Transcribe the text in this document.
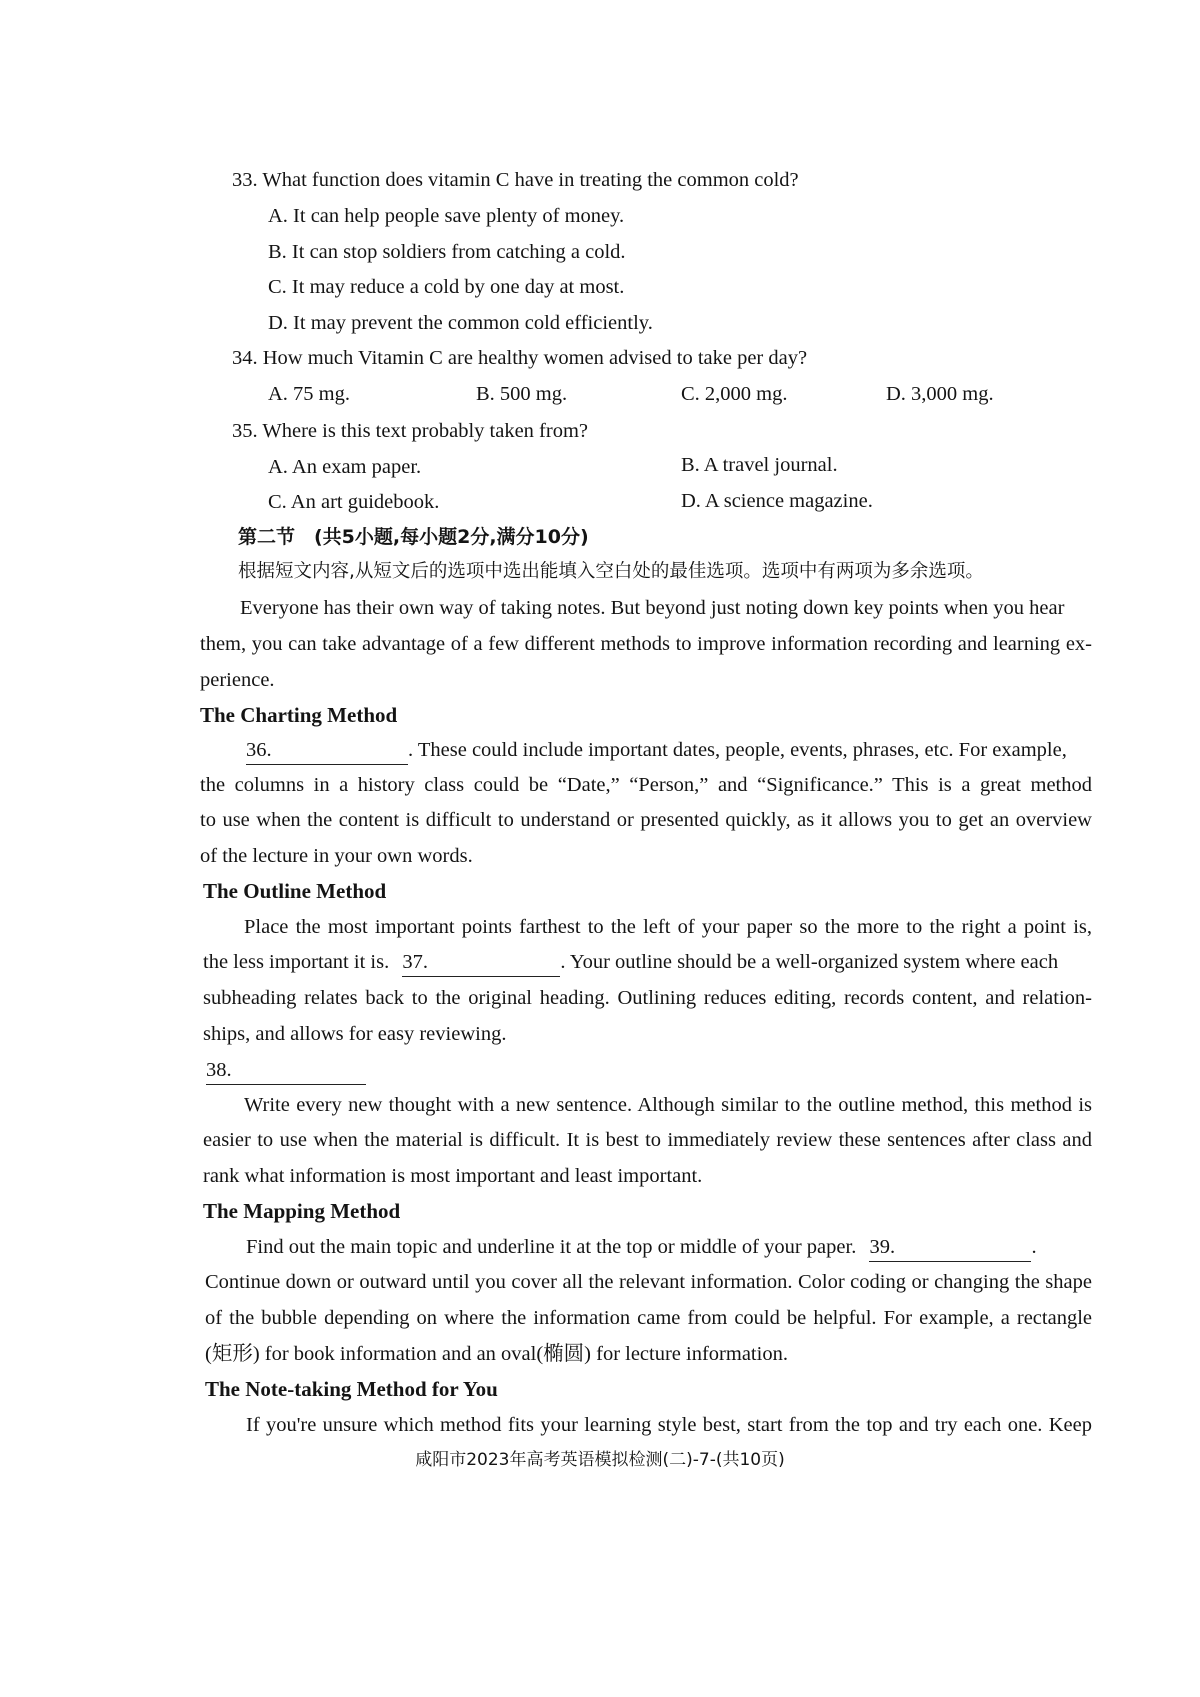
33. What function does vitamin C have in treating the common cold?
A. It can help people save plenty of money.
B. It can stop soldiers from catching a cold.
C. It may reduce a cold by one day at most.
D. It may prevent the common cold efficiently.
34. How much Vitamin C are healthy women advised to take per day?
A. 75 mg.	B. 500 mg.	C. 2,000 mg.	D. 3,000 mg.
35. Where is this text probably taken from?
A. An exam paper.	B. A travel journal.
C. An art guidebook.	D. A science magazine.
第二节　(共5小题,每小题2分,满分10分)
根据短文内容,从短文后的选项中选出能填入空白处的最佳选项。选项中有两项为多余选项。
Everyone has their own way of taking notes. But beyond just noting down key points when you hear
them, you can take advantage of a few different methods to improve information recording and learning ex-
perience.
The Charting Method
36.	. These could include important dates, people, events, phrases, etc. For example,
the columns in a history class could be “Date,” “Person,” and “Significance.” This is a great method
to use when the content is difficult to understand or presented quickly, as it allows you to get an overview
of the lecture in your own words.
The Outline Method
Place the most important points farthest to the left of your paper so the more to the right a point is,
the less important it is. 37.	. Your outline should be a well-organized system where each
subheading relates back to the original heading. Outlining reduces editing, records content, and relation-
ships, and allows for easy reviewing.
38.
Write every new thought with a new sentence. Although similar to the outline method, this method is
easier to use when the material is difficult. It is best to immediately review these sentences after class and
rank what information is most important and least important.
The Mapping Method
Find out the main topic and underline it at the top or middle of your paper. 39.	.
Continue down or outward until you cover all the relevant information. Color coding or changing the shape
of the bubble depending on where the information came from could be helpful. For example, a rectangle
(矩形) for book information and an oval(椭圆) for lecture information.
The Note-taking Method for You
If you're unsure which method fits your learning style best, start from the top and try each one. Keep
咸阳市2023年高考英语模拟检测(二)-7-(共10页)
